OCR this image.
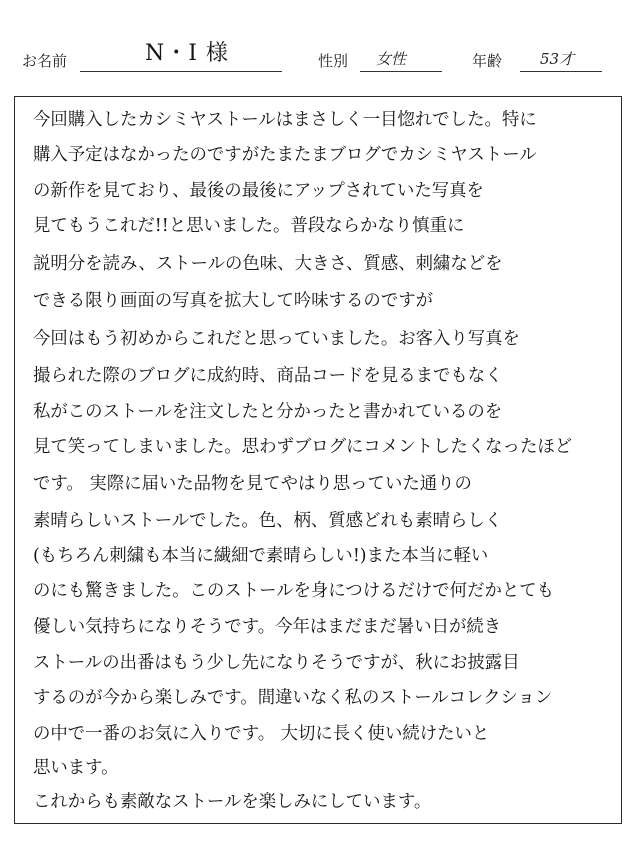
お名前	N・I 様	性別 女性	年齢	53才
今回購入したカシミヤストールはまさしく一目惚れでした。特に
購入予定はなかったのですがたまたまブログでカシミヤストール
の新作を見ており、最後の最後にアップされていた写真を
見てもうこれだ!!と思いました。普段ならかなり慎重に
説明分を読み、ストールの色味、大きさ、質感、刺繍などを
できる限り画面の写真を拡大して吟味するのですが
今回はもう初めからこれだと思っていました。お客入り写真を
撮られた際のブログに成約時、商品コードを見るまでもなく
私がこのストールを注文したと分かったと書かれているのを
見て笑ってしまいました。思わずブログにコメントしたくなったほど
です。 実際に届いた品物を見てやはり思っていた通りの
素晴らしいストールでした。色、柄、質感どれも素晴らしく
(もちろん刺繍も本当に繊細で素晴らしい!)また本当に軽い
のにも驚きました。このストールを身につけるだけで何だかとても
優しい気持ちになりそうです。今年はまだまだ暑い日が続き
ストールの出番はもう少し先になりそうですが、秋にお披露目
するのが今から楽しみです。間違いなく私のストールコレクション
の中で一番のお気に入りです。 大切に長く使い続けたいと
思います。
これからも素敵なストールを楽しみにしています。
